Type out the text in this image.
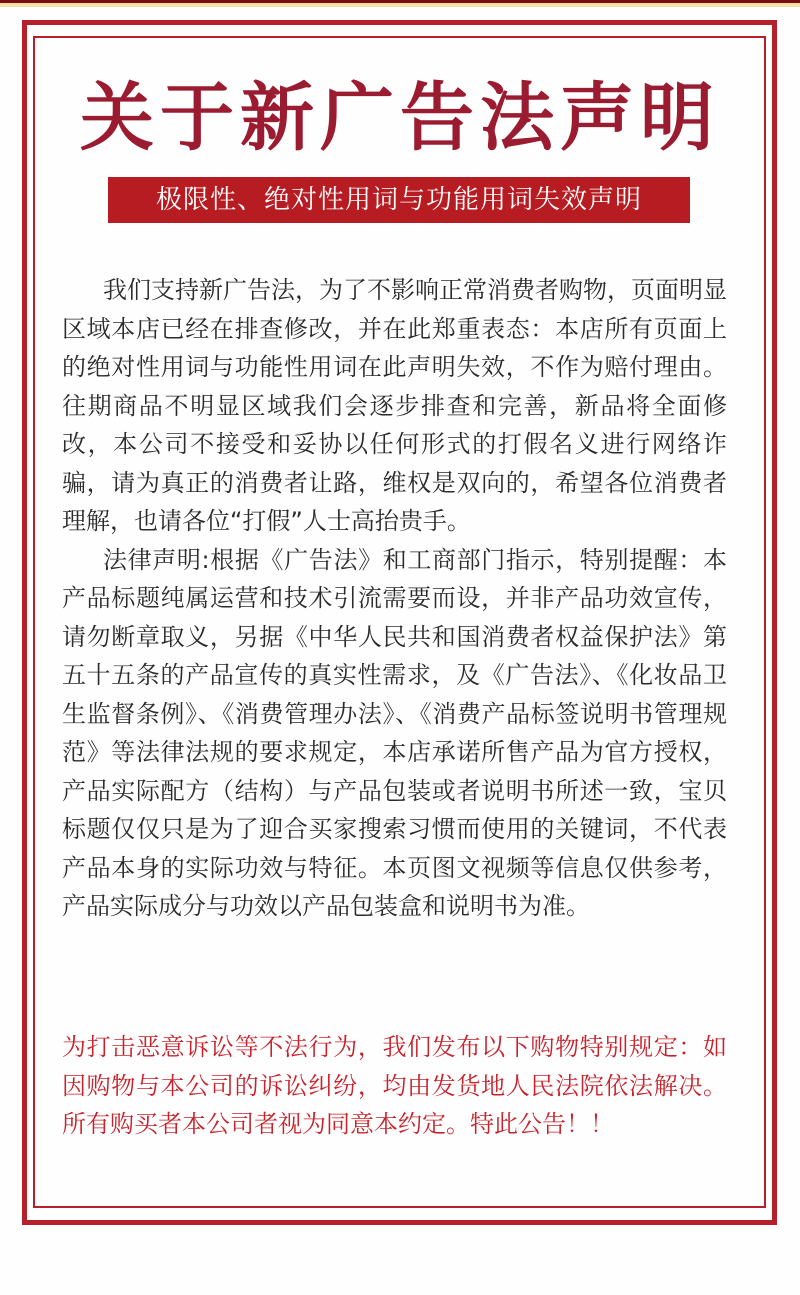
关于新广告法声明
极限性、绝对性用词与功能用词失效声明

我们支持新广告法，为了不影响正常消费者购物，页面明显区域本店已经在排查修改，并在此郑重表态：本店所有页面上的绝对性用词与功能性用词在此声明失效，不作为赔付理由。往期商品不明显区域我们会逐步排查和完善，新品将全面修改，本公司不接受和妥协以任何形式的打假名义进行网络诈骗，请为真正的消费者让路，维权是双向的，希望各位消费者理解，也请各位“打假”人士高抬贵手。

法律声明:根据《广告法》和工商部门指示，特别提醒：本产品标题纯属运营和技术引流需要而设，并非产品功效宣传，请勿断章取义，另据《中华人民共和国消费者权益保护法》第五十五条的产品宣传的真实性需求，及《广告法》、《化妆品卫生监督条例》、《消费管理办法》、《消费产品标签说明书管理规范》等法律法规的要求规定，本店承诺所售产品为官方授权，产品实际配方（结构）与产品包装或者说明书所述一致，宝贝标题仅仅只是为了迎合买家搜索习惯而使用的关键词，不代表产品本身的实际功效与特征。本页图文视频等信息仅供参考，产品实际成分与功效以产品包装盒和说明书为准。

为打击恶意诉讼等不法行为，我们发布以下购物特别规定：如因购物与本公司的诉讼纠纷，均由发货地人民法院依法解决。所有购买者本公司者视为同意本约定。特此公告！！
